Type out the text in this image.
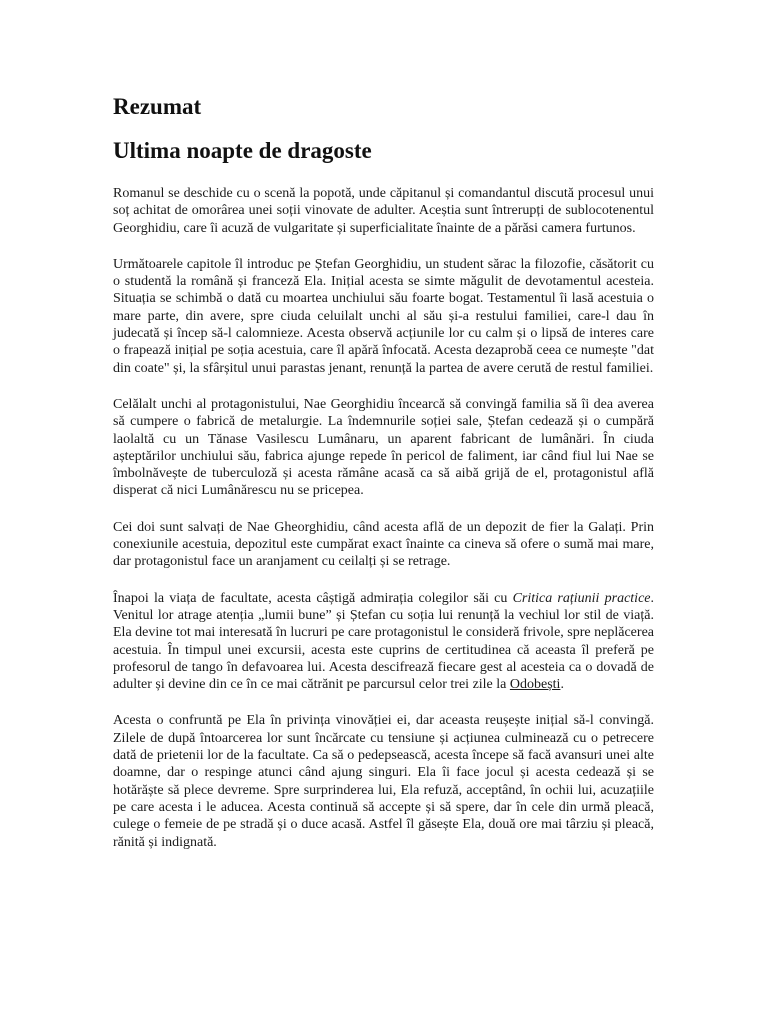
Rezumat
Ultima noapte de dragoste

Romanul se deschide cu o scenă la popotă, unde căpitanul și comandantul discută procesul unui soț achitat de omorârea unei soții vinovate de adulter. Aceștia sunt întrerupți de sublocotenentul Georghidiu, care îi acuză de vulgaritate și superficialitate înainte de a părăsi camera furtunos.

Următoarele capitole îl introduc pe Ștefan Georghidiu, un student sărac la filozofie, căsătorit cu o studentă la română și franceză Ela. Inițial acesta se simte măgulit de devotamentul acesteia. Situația se schimbă o dată cu moartea unchiului său foarte bogat. Testamentul îi lasă acestuia o mare parte, din avere, spre ciuda celuilalt unchi al său și-a restului familiei, care-l dau în judecată și încep să-l calomnieze. Acesta observă acțiunile lor cu calm și o lipsă de interes care o frapează inițial pe soția acestuia, care îl apără înfocată. Acesta dezaprobă ceea ce numește "dat din coate" și, la sfârșitul unui parastas jenant, renunță la partea de avere cerută de restul familiei.

Celălalt unchi al protagonistului, Nae Georghidiu încearcă să convingă familia să îi dea averea să cumpere o fabrică de metalurgie. La îndemnurile soției sale, Ștefan cedează și o cumpără laolaltă cu un Tănase Vasilescu Lumânaru, un aparent fabricant de lumânări. În ciuda așteptărilor unchiului său, fabrica ajunge repede în pericol de faliment, iar când fiul lui Nae se îmbolnăvește de tuberculoză și acesta rămâne acasă ca să aibă grijă de el, protagonistul află disperat că nici Lumânărescu nu se pricepea.

Cei doi sunt salvați de Nae Gheorghidiu, când acesta află de un depozit de fier la Galați. Prin conexiunile acestuia, depozitul este cumpărat exact înainte ca cineva să ofere o sumă mai mare, dar protagonistul face un aranjament cu ceilalți și se retrage.

Înapoi la viața de facultate, acesta câștigă admirația colegilor săi cu Critica rațiunii practice. Venitul lor atrage atenția „lumii bune” și Ștefan cu soția lui renunță la vechiul lor stil de viață. Ela devine tot mai interesată în lucruri pe care protagonistul le consideră frivole, spre neplăcerea acestuia. În timpul unei excursii, acesta este cuprins de certitudinea că aceasta îl preferă pe profesorul de tango în defavoarea lui. Acesta descifrează fiecare gest al acesteia ca o dovadă de adulter și devine din ce în ce mai cătrănit pe parcursul celor trei zile la Odobești.

Acesta o confruntă pe Ela în privința vinovăției ei, dar aceasta reușește inițial să-l convingă. Zilele de după întoarcerea lor sunt încărcate cu tensiune și acțiunea culminează cu o petrecere dată de prietenii lor de la facultate. Ca să o pedepsească, acesta începe să facă avansuri unei alte doamne, dar o respinge atunci când ajung singuri. Ela îi face jocul și acesta cedează și se hotărăște să plece devreme. Spre surprinderea lui, Ela refuză, acceptând, în ochii lui, acuzațiile pe care acesta i le aducea. Acesta continuă să accepte și să spere, dar în cele din urmă pleacă, culege o femeie de pe stradă și o duce acasă. Astfel îl găsește Ela, două ore mai târziu și pleacă, rănită și indignată.
